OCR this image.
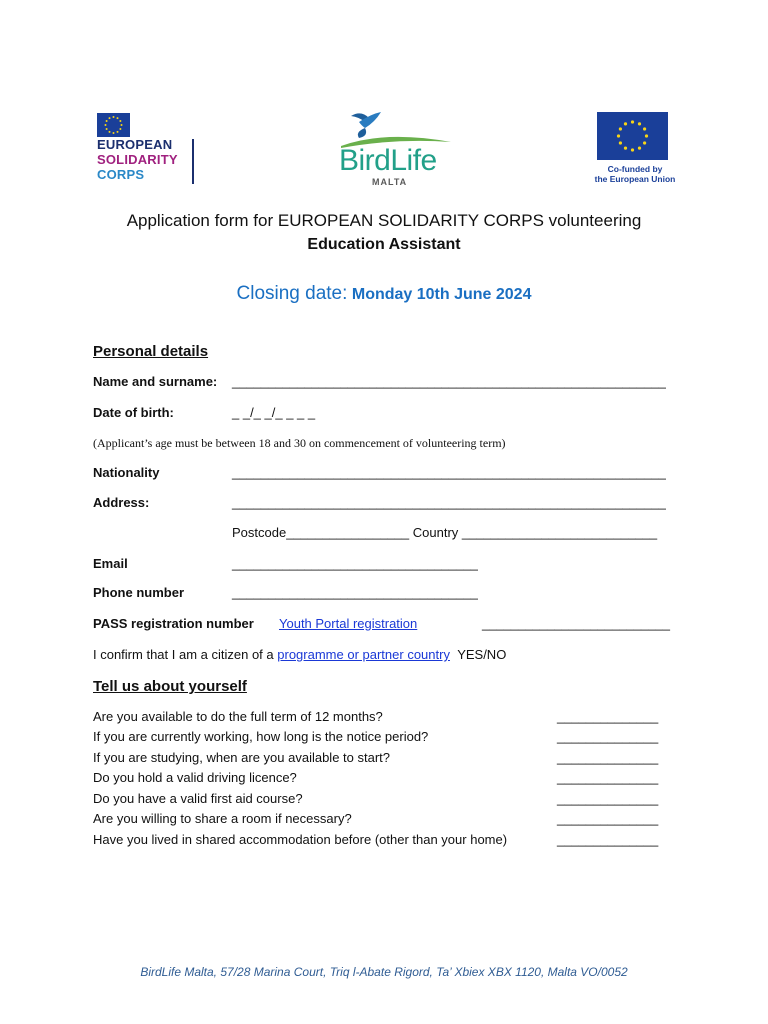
EUROPEAN
SOLIDARITY
CORPS	BirdLife
MALTA
Co-funded by
the European Union
Application form for EUROPEAN SOLIDARITY CORPS volunteering
Education Assistant
Closing date: Monday 10th June 2024
Personal details
Name and surname: ____________________________________________________________
Date of birth:	_ _/_ _/_ _ _ _
(Applicant’s age must be between 18 and 30 on commencement of volunteering term)
Nationality	____________________________________________________________
Address:	____________________________________________________________
Postcode_________________ Country ___________________________
Email	__________________________________
Phone number	__________________________________
PASS registration number Youth Portal registration	__________________________
I confirm that I am a citizen of a programme or partner country YES/NO
Tell us about yourself
Are you available to do the full term of 12 months?	______________
If you are currently working, how long is the notice period?	______________
If you are studying, when are you available to start?	______________
Do you hold a valid driving licence?	______________
Do you have a valid first aid course?	______________
Are you willing to share a room if necessary?	______________
Have you lived in shared accommodation before (other than your home)	______________
BirdLife Malta, 57/28 Marina Court, Triq l-Abate Rigord, Ta’ Xbiex XBX 1120, Malta VO/0052
